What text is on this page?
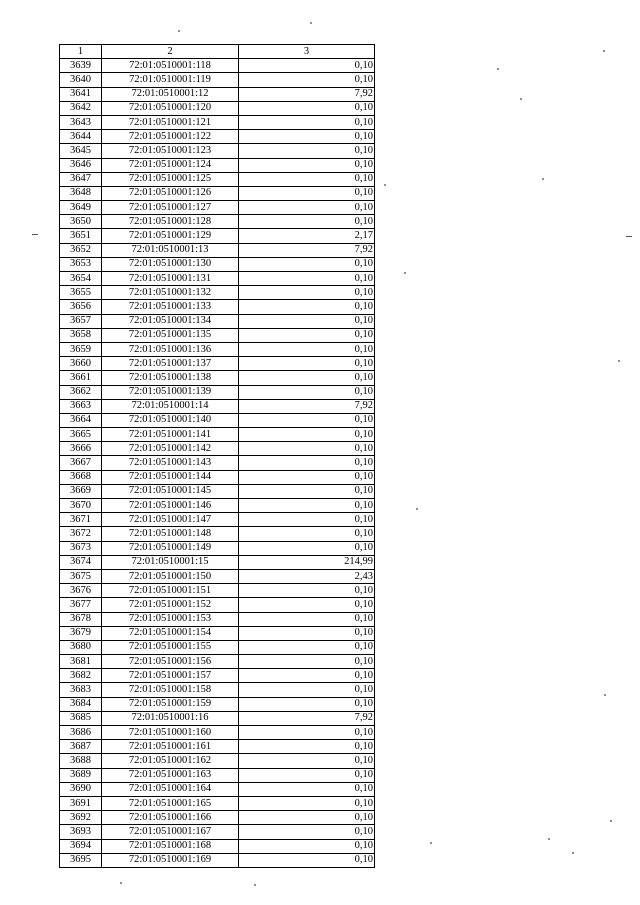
1	2	3
3639	72:01:0510001:118	0,10
3640	72:01:0510001:119	0,10
3641	72:01:0510001:12	7,92
3642	72:01:0510001:120	0,10
3643	72:01:0510001:121	0,10
3644	72:01:0510001:122	0,10
3645	72:01:0510001:123	0,10
3646	72:01:0510001:124	0,10
3647	72:01:0510001:125	0,10
3648	72:01:0510001:126	0,10
3649	72:01:0510001:127	0,10
3650	72:01:0510001:128	0,10
3651	72:01:0510001:129	2,17
3652	72:01:0510001:13	7,92
3653	72:01:0510001:130	0,10
3654	72:01:0510001:131	0,10
3655	72:01:0510001:132	0,10
3656	72:01:0510001:133	0,10
3657	72:01:0510001:134	0,10
3658	72:01:0510001:135	0,10
3659	72:01:0510001:136	0,10
3660	72:01:0510001:137	0,10
3661	72:01:0510001:138	0,10
3662	72:01:0510001:139	0,10
3663	72:01:0510001:14	7,92
3664	72:01:0510001:140	0,10
3665	72:01:0510001:141	0,10
3666	72:01:0510001:142	0,10
3667	72:01:0510001:143	0,10
3668	72:01:0510001:144	0,10
3669	72:01:0510001:145	0,10
3670	72:01:0510001:146	0,10
3671	72:01:0510001:147	0,10
3672	72:01:0510001:148	0,10
3673	72:01:0510001:149	0,10
3674	72:01:0510001:15	214,99
3675	72:01:0510001:150	2,43
3676	72:01:0510001:151	0,10
3677	72:01:0510001:152	0,10
3678	72:01:0510001:153	0,10
3679	72:01:0510001:154	0,10
3680	72:01:0510001:155	0,10
3681	72:01:0510001:156	0,10
3682	72:01:0510001:157	0,10
3683	72:01:0510001:158	0,10
3684	72:01:0510001:159	0,10
3685	72:01:0510001:16	7,92
3686	72:01:0510001:160	0,10
3687	72:01:0510001:161	0,10
3688	72:01:0510001:162	0,10
3689	72:01:0510001:163	0,10
3690	72:01:0510001:164	0,10
3691	72:01:0510001:165	0,10
3692	72:01:0510001:166	0,10
3693	72:01:0510001:167	0,10
3694	72:01:0510001:168	0,10
3695	72:01:0510001:169	0,10
